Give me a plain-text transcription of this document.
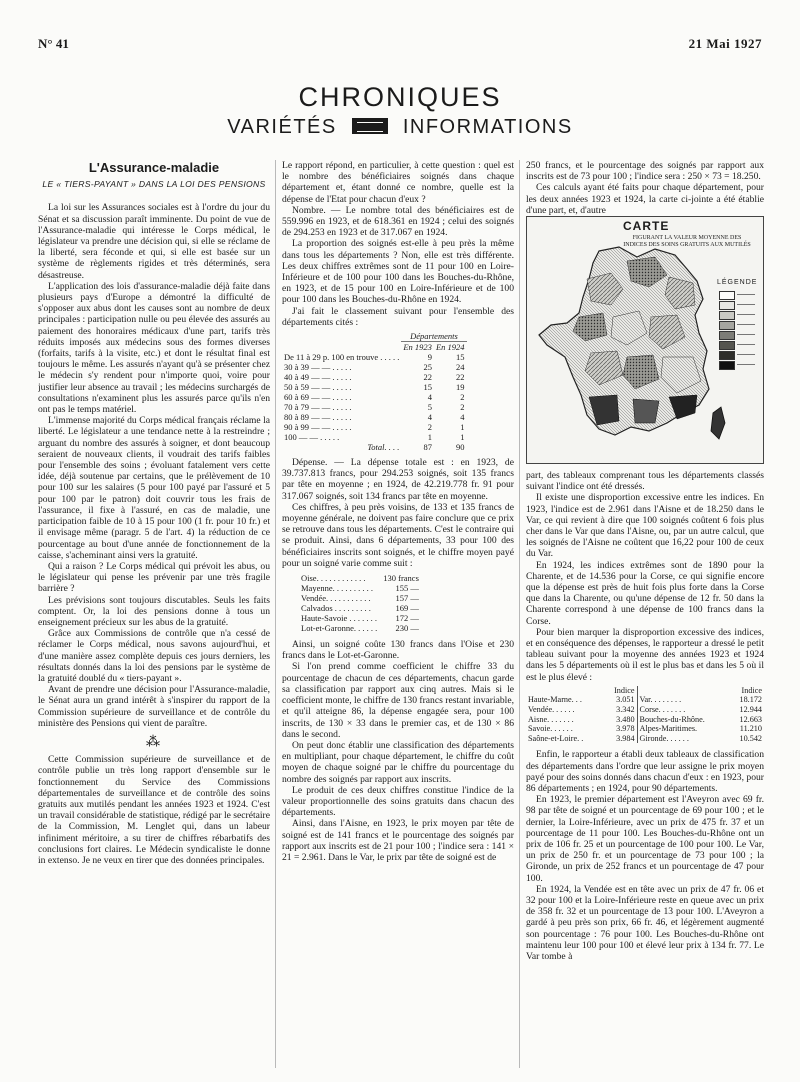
N° 41	21 Mai 1927
CHRONIQUES
VARIÉTÉS	INFORMATIONS
L'Assurance-maladie
LE « TIERS-PAYANT » DANS LA LOI DES PENSIONS

La loi sur les Assurances sociales est à l'ordre du jour du Sénat et sa discussion paraît imminente. Du point de vue de l'Assurance-maladie qui intéresse le Corps médical, le législateur va prendre une décision qui, si elle se réclame de la liberté, sera féconde et qui, si elle est basée sur un système de règlements rigides et très déterminés, sera désastreuse.

L'application des lois d'assurance-maladie déjà faite dans plusieurs pays d'Europe a démontré la difficulté de s'opposer aux abus dont les causes sont au nombre de deux principales : participation nulle ou peu élevée des assurés au paiement des honoraires médicaux d'une part, tarifs très réduits imposés aux médecins sous des formes diverses (forfaits, tarifs à la visite, etc.) et dont le résultat final est toujours le même. Les assurés n'ayant qu'à se présenter chez le médecin s'y rendent pour n'importe quoi, voire pour justifier leur absence au travail ; les médecins surchargés de consultations n'examinent plus les assurés parce qu'ils n'en ont pas le temps matériel.

L'immense majorité du Corps médical français réclame la liberté. Le législateur a une tendance nette à la restreindre ; arguant du nombre des assurés à soigner, et dont beaucoup seraient de nouveaux clients, il voudrait des tarifs faibles pour l'ensemble des soins ; évoluant fatalement vers cette idée, déjà soutenue par certains, que le prélèvement de 10 pour 100 sur les salaires (5 pour 100 payé par l'assuré et 5 pour 100 par le patron) doit couvrir tous les frais de l'assurance, il fixe à l'assuré, en cas de maladie, une participation faible de 10 à 15 pour 100 (1 fr. pour 10 fr.) et il envisage même (paragr. 5 de l'art. 4) la réduction de ce pourcentage au bout d'une année de fonctionnement de la caisse, s'acheminant ainsi vers la gratuité.

Qui a raison ? Le Corps médical qui prévoit les abus, ou le législateur qui pense les prévenir par une très fragile barrière ?

Les prévisions sont toujours discutables. Seuls les faits comptent. Or, la loi des pensions donne à tous un enseignement précieux sur les abus de la gratuité.

Grâce aux Commissions de contrôle que n'a cessé de réclamer le Corps médical, nous savons aujourd'hui, et d'une manière assez complète depuis ces jours derniers, les résultats donnés dans la loi des pensions par le système de la gratuité doublé du « tiers-payant ».

Avant de prendre une décision pour l'Assurance-maladie, le Sénat aura un grand intérêt à s'inspirer du rapport de la Commission supérieure de surveillance et de contrôle du ministère des Pensions qui vient de paraître.

⁂

Cette Commission supérieure de surveillance et de contrôle publie un très long rapport d'ensemble sur le fonctionnement du Service des Commissions départementales de surveillance et de contrôle des soins gratuits aux mutilés pendant les années 1923 et 1924. C'est un travail considérable de statistique, rédigé par le secrétaire de la Commission, M. Lenglet qui, dans un labeur infiniment méritoire, a su tirer de chiffres rébarbatifs des conclusions fort claires. Le Médecin syndicaliste le donne in extenso. Je ne veux en tirer que des données principales.

Le rapport répond, en particulier, à cette question : quel est le nombre des bénéficiaires soignés dans chaque département et, étant donné ce nombre, quelle est la dépense de l'Etat pour chacun d'eux ?

Nombre. — Le nombre total des bénéficiaires est de 559.996 en 1923, et de 618.361 en 1924 ; celui des soignés de 294.253 en 1923 et de 317.067 en 1924.

La proportion des soignés est-elle à peu près la même dans tous les départements ? Non, elle est très différente. Les deux chiffres extrêmes sont de 11 pour 100 en Loire-Inférieure et de 100 pour 100 dans les Bouches-du-Rhône, en 1923, et de 15 pour 100 en Loire-Inférieure et de 100 pour 100 dans les Bouches-du-Rhône en 1924.

J'ai fait le classement suivant pour l'ensemble des départements cités :

	Départements	
	En 1923	En 1924
De 11 à 29 p. 100 en trouve . . . . .	9	15
30 à 39 — — . . . . .	25	24
40 à 49 — — . . . . .	22	22
50 à 59 — — . . . . .	15	19
60 à 69 — — . . . . .	4	2
70 à 79 — — . . . . .	5	2
80 à 89 — — . . . . .	4	4
90 à 99 — — . . . . .	2	1
100 — — . . . . .	1	1
Total. . . .	87	90

Dépense. — La dépense totale est : en 1923, de 39.737.813 francs, pour 294.253 soignés, soit 135 francs par tête en moyenne ; en 1924, de 42.219.778 fr. 91 pour 317.067 soignés, soit 134 francs par tête en moyenne.

Ces chiffres, à peu près voisins, de 133 et 135 francs de moyenne générale, ne doivent pas faire conclure que ce prix se retrouve dans tous les départements. C'est le contraire qui se produit. Ainsi, dans 6 départements, 33 pour 100 des bénéficiaires inscrits sont soignés, et le chiffre moyen payé pour un soigné varie comme suit :

Oise. . . . . . . . . . . .	130 francs
Mayenne. . . . . . . . . .	155 —
Vendée. . . . . . . . . . .	157 —
Calvados . . . . . . . . .	169 —
Haute-Savoie . . . . . . .	172 —
Lot-et-Garonne. . . . . .	230 —

Ainsi, un soigné coûte 130 francs dans l'Oise et 230 francs dans le Lot-et-Garonne.

Si l'on prend comme coefficient le chiffre 33 du pourcentage de chacun de ces départements, chacun garde sa classification par rapport aux cinq autres. Mais si le coefficient monte, le chiffre de 130 francs restant invariable, et qu'il atteigne 86, la dépense engagée sera, pour 100 inscrits, de 130 × 33 dans le premier cas, et de 130 × 86 dans le second.

On peut donc établir une classification des départements en multipliant, pour chaque département, le chiffre du coût moyen de chaque soigné par le chiffre du pourcentage du nombre des soignés par rapport aux inscrits.

Le produit de ces deux chiffres constitue l'indice de la valeur proportionnelle des soins gratuits dans chacun des départements.

Ainsi, dans l'Aisne, en 1923, le prix moyen par tête de soigné est de 141 francs et le pourcentage des soignés par rapport aux inscrits est de 21 pour 100 ; l'indice sera : 141 × 21 = 2.961. Dans le Var, le prix par tête de soigné est de

250 francs, et le pourcentage des soignés par rapport aux inscrits est de 73 pour 100 ; l'indice sera : 250 × 73 = 18.250.

Ces calculs ayant été faits pour chaque département, pour les deux années 1923 et 1924, la carte ci-jointe a été établie d'une part, et, d'autre

CARTE
FIGURANT LA VALEUR MOYENNE DES INDICES DES SOINS GRATUITS AUX MUTILÉS
LÉGENDE

part, des tableaux comprenant tous les départements classés suivant l'indice ont été dressés.

Il existe une disproportion excessive entre les indices. En 1923, l'indice est de 2.961 dans l'Aisne et de 18.250 dans le Var, ce qui revient à dire que 100 soignés coûtent 6 fois plus cher dans le Var que dans l'Aisne, ou, par un autre calcul, que les soignés de l'Aisne ne coûtent que 16,22 pour 100 de ceux du Var.

En 1924, les indices extrêmes sont de 1890 pour la Charente, et de 14.536 pour la Corse, ce qui signifie encore que la dépense est près de huit fois plus forte dans la Corse que dans la Charente, ou qu'une dépense de 12 fr. 50 dans la Charente correspond à une dépense de 100 francs dans la Corse.

Pour bien marquer la disproportion excessive des indices, et en conséquence des dépenses, le rapporteur a dressé le petit tableau suivant pour la moyenne des années 1923 et 1924 dans les 5 départements où il est le plus bas et dans les 5 où il est le plus élevé :

	Indice		Indice
Haute-Marne. . .	3.051	Var. . . . . . . .	18.172
Vendée. . . . . .	3.342	Corse. . . . . . .	12.944
Aisne. . . . . . .	3.480	Bouches-du-Rhône.	12.663
Savoie. . . . . .	3.978	Alpes-Maritimes.	11.210
Saône-et-Loire. .	3.984	Gironde. . . . . .	10.542

Enfin, le rapporteur a établi deux tableaux de classification des départements dans l'ordre que leur assigne le prix moyen payé pour des soins donnés dans chacun d'eux : en 1923, pour 86 départements ; en 1924, pour 90 départements.

En 1923, le premier département est l'Aveyron avec 69 fr. 98 par tête de soigné et un pourcentage de 69 pour 100 ; et le dernier, la Loire-Inférieure, avec un prix de 475 fr. 37 et un pourcentage de 11 pour 100. Les Bouches-du-Rhône ont un prix de 106 fr. 25 et un pourcentage de 100 pour 100. Le Var, un prix de 250 fr. et un pourcentage de 73 pour 100 ; la Gironde, un prix de 252 francs et un pourcentage de 47 pour 100.

En 1924, la Vendée est en tête avec un prix de 47 fr. 06 et 32 pour 100 et la Loire-Inférieure reste en queue avec un prix de 358 fr. 32 et un pourcentage de 13 pour 100. L'Aveyron a gardé à peu près son prix, 66 fr. 46, et légèrement augmenté son pourcentage : 76 pour 100. Les Bouches-du-Rhône ont maintenu leur 100 pour 100 et élevé leur prix à 134 fr. 77. Le Var tombe à
